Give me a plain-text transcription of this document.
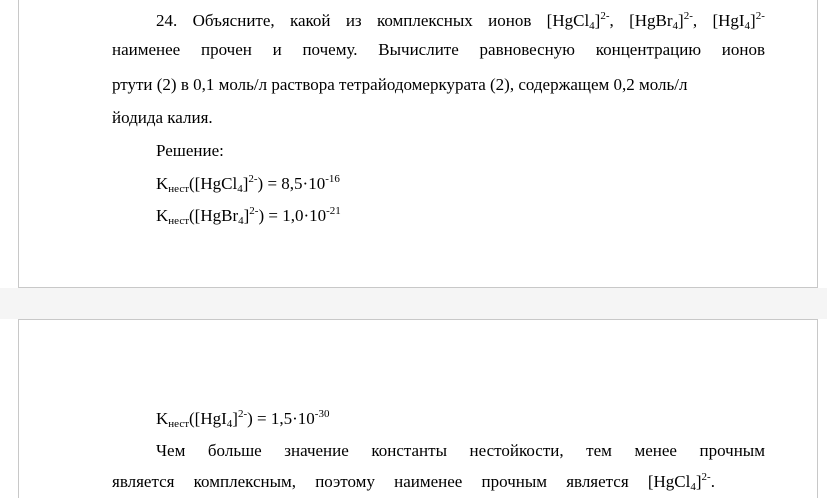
24. Объясните, какой из комплексных ионов [HgCl$_4$]$^{2-}$, [HgBr$_4$]$^{2-}$, $[HgI_4]^{2-}$
наименее прочен и почему. Вычислите равновесную концентрацию ионов
ртути (2) в 0,1 моль/л раствора тетрайодомеркурата (2), содержащем 0,2 моль/л
йодида калия.
Решение:
Kнест([HgCl$_4$]$^{2-}$) = $8,5\cdot 10^{-16}$
Kнест([HgBr$_4$]$^{2-}$) = $1,0\cdot 10^{-21}$
$Kнест([HgI_4]^{2-}) = 1,5\cdot 10^{-30}$
Чем больше значение константы нестойкости, тем менее прочным
является комплексным, поэтому наименее прочным является [HgCl$_4$]$^{2-}$.
